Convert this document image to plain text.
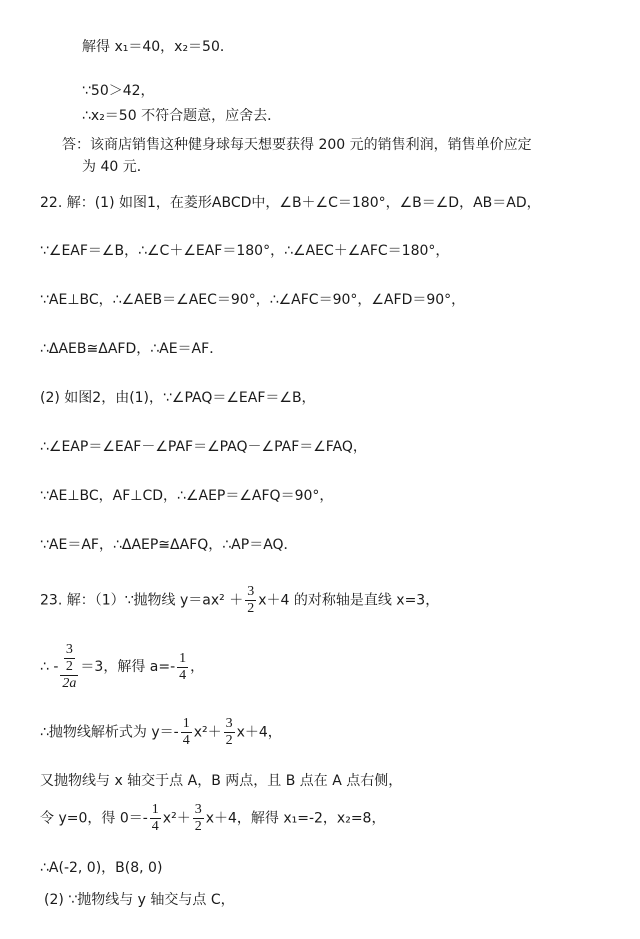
解得 x₁＝40，x₂＝50．
∵50＞42，
∴x₂＝50 不符合题意，应舍去．
答：该商店销售这种健身球每天想要获得 200 元的销售利润，销售单价应定
为 40 元．
22. 解：(1) 如图1，在菱形ABCD中，∠B＋∠C＝180°，∠B＝∠D，AB＝AD，
∵∠EAF＝∠B，∴∠C＋∠EAF＝180°，∴∠AEC＋∠AFC＝180°，
∵AE⊥BC，∴∠AEB＝∠AEC＝90°，∴∠AFC＝90°，∠AFD＝90°，
∴ΔAEB≅ΔAFD，∴AE＝AF．
(2) 如图2，由(1)，∵∠PAQ＝∠EAF＝∠B，
∴∠EAP＝∠EAF－∠PAF＝∠PAQ－∠PAF＝∠FAQ，
∵AE⊥BC，AF⊥CD，∴∠AEP＝∠AFQ＝90°，
∵AE＝AF，∴ΔAEP≅ΔAFQ，∴AP＝AQ．
23. 解：（1）∵抛物线 $y=ax^2 + \frac{3}{2} x+4$ 的对称轴是直线 x=3，
∴ - $\frac{\frac{3}{2}}{2a} =3$，解得 $a=- \frac{1}{4}$ ，
∴抛物线解析式为 $y=- \frac{1}{4} x^2+ \frac{3}{2} x+4$，
又抛物线与 x 轴交于点 A，B 两点，且 B 点在 A 点右侧，
令 y=0，得 $0=- \frac{1}{4} x^2+ \frac{3}{2} x+4$，解得 x₁=-2，x₂=8，
∴A(-2, 0)，B(8, 0)
(2) ∵抛物线与 y 轴交与点 C，
